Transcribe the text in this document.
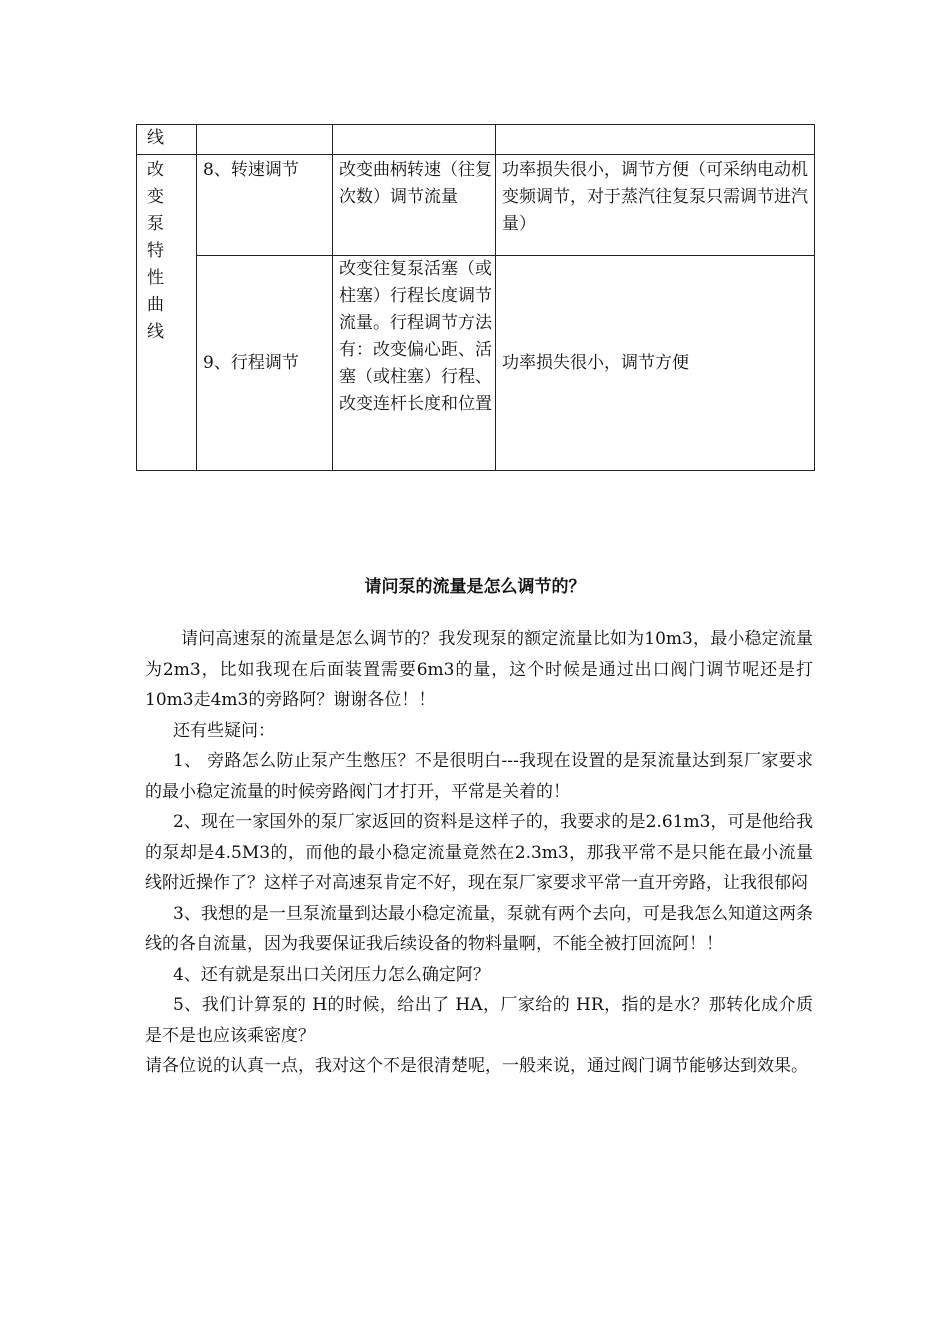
线			

改变泵特性曲线	8、转速调节	改变曲柄转速（往复次数）调节流量	功率损失很小，调节方便（可采纳电动机变频调节，对于蒸汽往复泵只需调节进汽量）
	9、行程调节	改变往复泵活塞（或柱塞）行程长度调节流量。行程调节方法有：改变偏心距、活塞（或柱塞）行程、改变连杆长度和位置	功率损失很小，调节方便
请问泵的流量是怎么调节的？

请问高速泵的流量是怎么调节的？我发现泵的额定流量比如为10m3，最小稳定流量为2m3，比如我现在后面装置需要6m3的量，这个时候是通过出口阀门调节呢还是打10m3走4m3的旁路阿？谢谢各位！！

还有些疑问：

1、 旁路怎么防止泵产生憋压？不是很明白---我现在设置的是泵流量达到泵厂家要求的最小稳定流量的时候旁路阀门才打开，平常是关着的！

2、现在一家国外的泵厂家返回的资料是这样子的，我要求的是2.61m3，可是他给我的泵却是4.5M3的，而他的最小稳定流量竟然在2.3m3，那我平常不是只能在最小流量线附近操作了？这样子对高速泵肯定不好，现在泵厂家要求平常一直开旁路，让我很郁闷

3、我想的是一旦泵流量到达最小稳定流量，泵就有两个去向，可是我怎么知道这两条线的各自流量，因为我要保证我后续设备的物料量啊，不能全被打回流阿！！

4、还有就是泵出口关闭压力怎么确定阿？

5、我们计算泵的 H的时候，给出了 HA，厂家给的 HR，指的是水？那转化成介质是不是也应该乘密度？

请各位说的认真一点，我对这个不是很清楚呢，一般来说，通过阀门调节能够达到效果。
